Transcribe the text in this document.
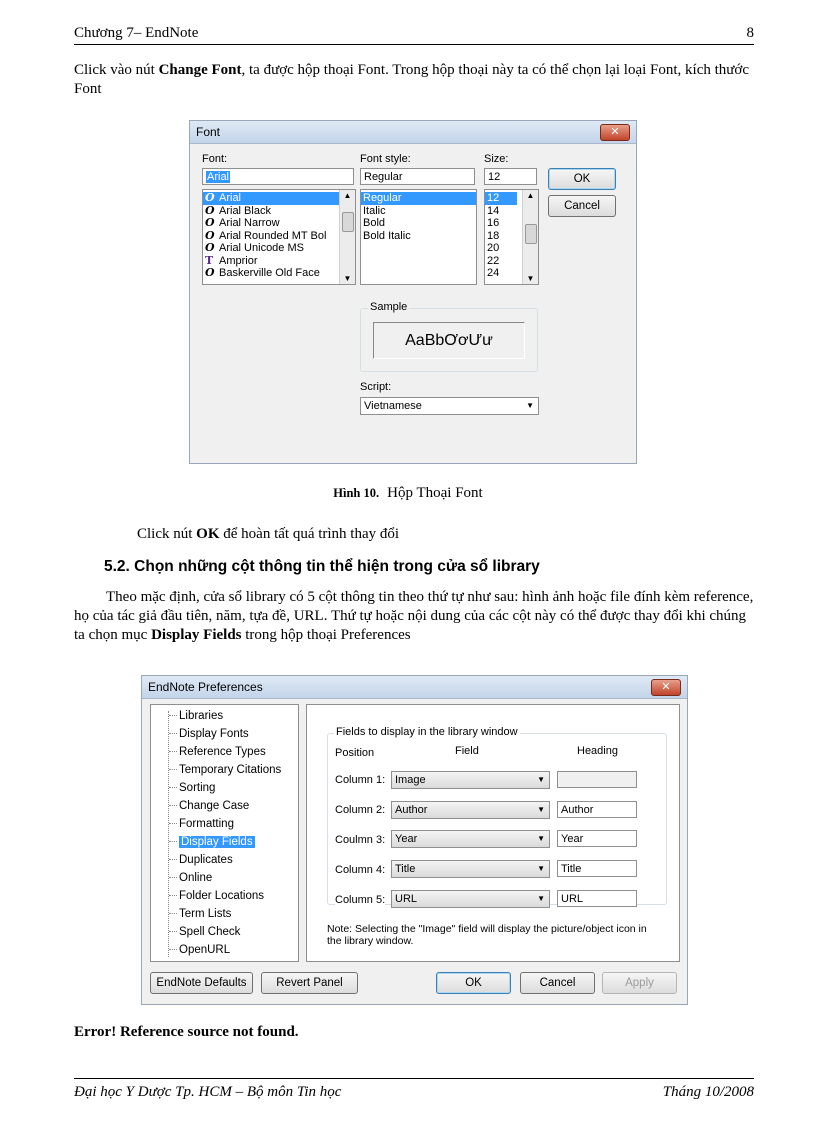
Chương 7– EndNote	8
Click vào nút Change Font, ta được hộp thoại Font. Trong hộp thoại này ta có thể chọn lại loại Font, kích thước Font
Font	✕
Font:	Font style:	Size:
Arial	Regular	12
O Arial
O Arial Black
O Arial Narrow
O Arial Rounded MT Bol
O Arial Unicode MS
T Amprior
O Baskerville Old Face
▲
▼
Regular
Italic
Bold
Bold Italic
12
14
16
18
20
22
24
▲
▼
OK
Cancel
Sample
AaBbƠơƯư
Script:
Vietnamese	▼
Hình 10. Hộp Thoại Font
Click nút OK để hoàn tất quá trình thay đổi
5.2. Chọn những cột thông tin thể hiện trong cửa sổ library
Theo mặc định, cửa sổ library có 5 cột thông tin theo thứ tự như sau: hình ảnh hoặc file đính kèm reference, họ của tác giả đầu tiên, năm, tựa đề, URL. Thứ tự hoặc nội dung của các cột này có thể được thay đổi khi chúng ta chọn mục Display Fields trong hộp thoại Preferences
EndNote Preferences	✕
Libraries
Display Fonts
Reference Types
Temporary Citations
Sorting
Change Case
Formatting
Display Fields
Duplicates
Online
Folder Locations
Term Lists
Spell Check
OpenURL
Fields to display in the library window
Position	Field	Heading
Column 1: Image	▼
Column 2: Author	▼	Author
Coulmn 3: Year	▼	Year
Column 4: Title	▼	Title
Column 5: URL	▼	URL
Note: Selecting the "Image" field will display the picture/object icon in the library window.
EndNote Defaults	Revert Panel	OK	Cancel	Apply
Error! Reference source not found.
Đại học Y Dược Tp. HCM – Bộ môn Tin học	Tháng 10/2008
